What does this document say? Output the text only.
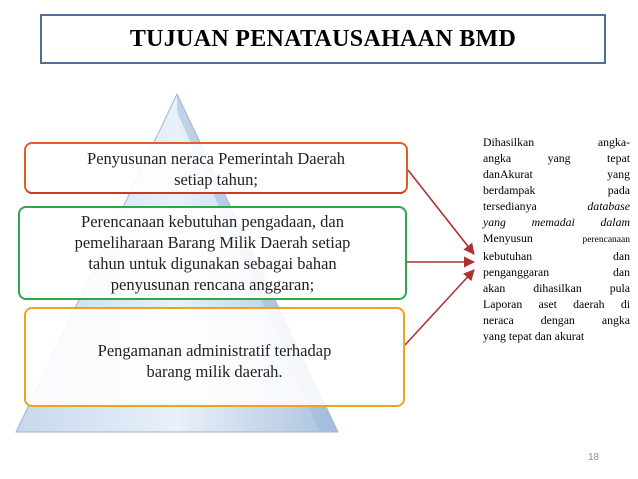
TUJUAN PENATAUSAHAAN BMD
Penyusunan neraca Pemerintah Daerah
setiap tahun;
Perencanaan kebutuhan pengadaan, dan
pemeliharaan Barang Milik Daerah setiap
tahun untuk digunakan sebagai bahan
penyusunan rencana anggaran;
Pengamanan administratif terhadap
barang milik daerah.
Dihasilkan angka-
angka yang tepat
danAkurat yang
berdampak pada
tersedianya	database
yang memadai dalam
Menyusun	perencanaan
kebutuhan dan
penganggaran dan
akan dihasilkan pula
Laporan aset daerah di
neraca dengan angka
yang tepat dan akurat
18
